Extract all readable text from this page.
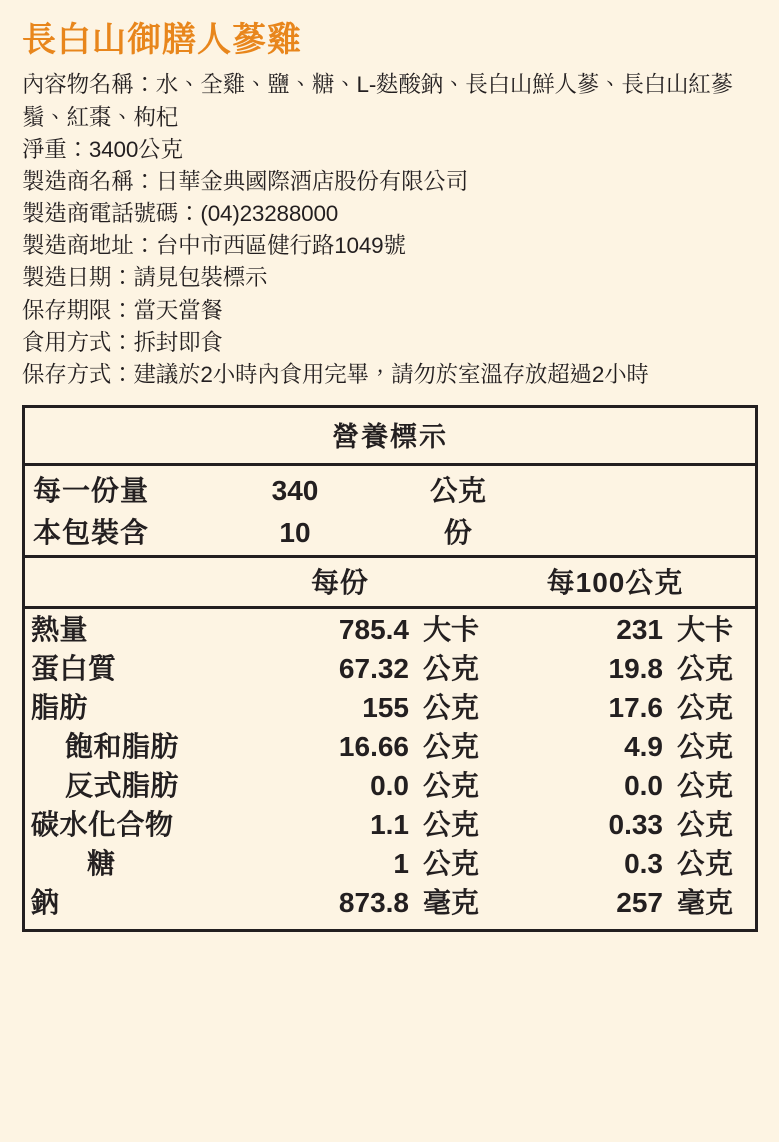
長白山御膳人蔘雞
內容物名稱：水、全雞、鹽、糖、L-麩酸鈉、長白山鮮人蔘、長白山紅蔘鬚、紅棗、枸杞
淨重：3400公克
製造商名稱：日華金典國際酒店股份有限公司
製造商電話號碼：(04)23288000
製造商地址：台中市西區健行路1049號
製造日期：請見包裝標示
保存期限：當天當餐
食用方式：拆封即食
保存方式：建議於2小時內食用完畢，請勿於室溫存放超過2小時
營養標示
每一份量	340	公克
本包裝含	10	份
每份	每100公克
熱量	785.4 大卡	231 大卡
蛋白質	67.32 公克	19.8 公克
脂肪	155 公克	17.6 公克
飽和脂肪	16.66 公克	4.9 公克
反式脂肪	0.0 公克	0.0 公克
碳水化合物	1.1 公克	0.33 公克
糖	1 公克	0.3 公克
鈉	873.8 毫克	257 毫克
